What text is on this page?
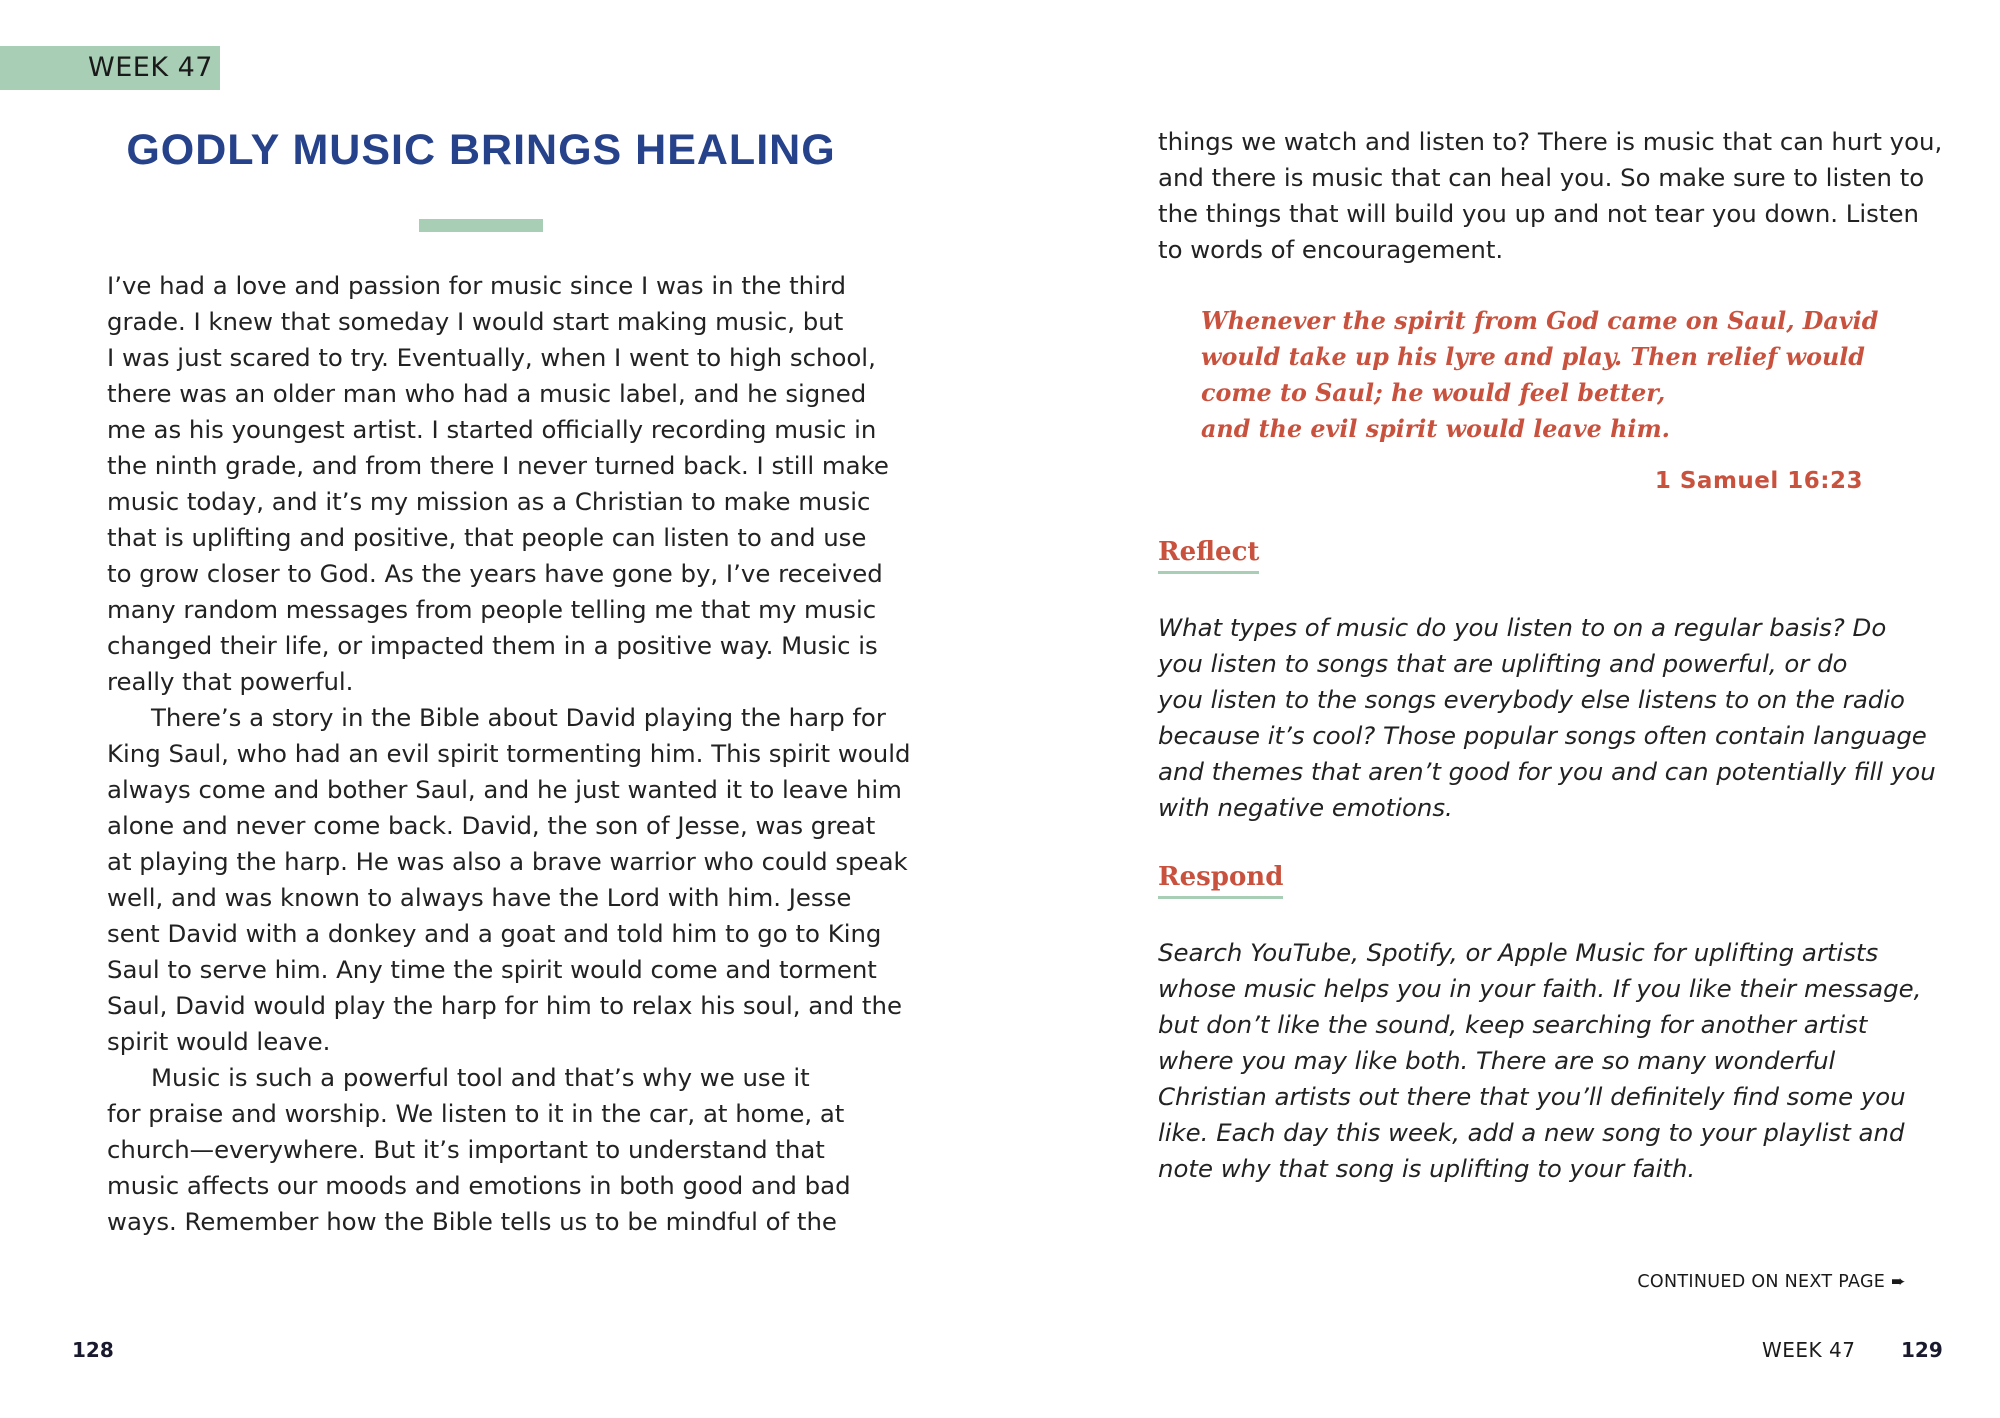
WEEK 47
GODLY MUSIC BRINGS HEALING
I’ve had a love and passion for music since I was in the third
grade. I knew that someday I would start making music, but
I was just scared to try. Eventually, when I went to high school,
there was an older man who had a music label, and he signed
me as his youngest artist. I started officially recording music in
the ninth grade, and from there I never turned back. I still make
music today, and it’s my mission as a Christian to make music
that is uplifting and positive, that people can listen to and use
to grow closer to God. As the years have gone by, I’ve received
many random messages from people telling me that my music
changed their life, or impacted them in a positive way. Music is
really that powerful.
There’s a story in the Bible about David playing the harp for
King Saul, who had an evil spirit tormenting him. This spirit would
always come and bother Saul, and he just wanted it to leave him
alone and never come back. David, the son of Jesse, was great
at playing the harp. He was also a brave warrior who could speak
well, and was known to always have the Lord with him. Jesse
sent David with a donkey and a goat and told him to go to King
Saul to serve him. Any time the spirit would come and torment
Saul, David would play the harp for him to relax his soul, and the
spirit would leave.
Music is such a powerful tool and that’s why we use it
for praise and worship. We listen to it in the car, at home, at
church—everywhere. But it’s important to understand that
music affects our moods and emotions in both good and bad
ways. Remember how the Bible tells us to be mindful of the
things we watch and listen to? There is music that can hurt you,
and there is music that can heal you. So make sure to listen to
the things that will build you up and not tear you down. Listen
to words of encouragement.
Whenever the spirit from God came on Saul, David
would take up his lyre and play. Then relief would
come to Saul; he would feel better,
and the evil spirit would leave him.
1 Samuel 16:23
Reflect
What types of music do you listen to on a regular basis? Do
you listen to songs that are uplifting and powerful, or do
you listen to the songs everybody else listens to on the radio
because it’s cool? Those popular songs often contain language
and themes that aren’t good for you and can potentially fill you
with negative emotions.
Respond
Search YouTube, Spotify, or Apple Music for uplifting artists
whose music helps you in your faith. If you like their message,
but don’t like the sound, keep searching for another artist
where you may like both. There are so many wonderful
Christian artists out there that you’ll definitely find some you
like. Each day this week, add a new song to your playlist and
note why that song is uplifting to your faith.
CONTINUED ON NEXT PAGE ➨
128	WEEK 47 129
